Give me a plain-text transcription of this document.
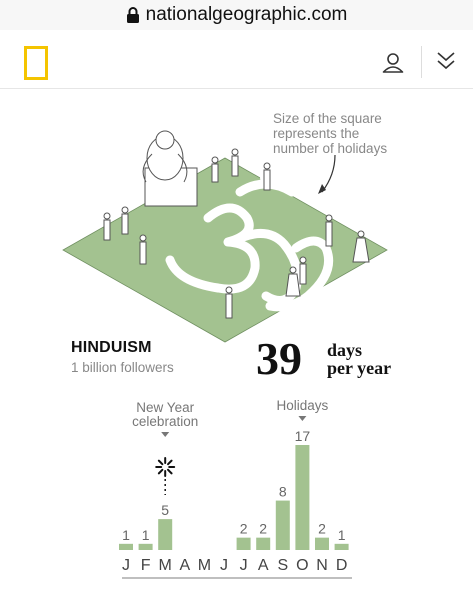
nationalgeographic.com
Size of the square
represents the
number of holidays
HINDUISM
1 billion followers 39 days
per year
1
J
1
F
5
M A M J
2
J
2
A
8
S
17
O
2
N
1
D
New Year
celebration
Holidays
